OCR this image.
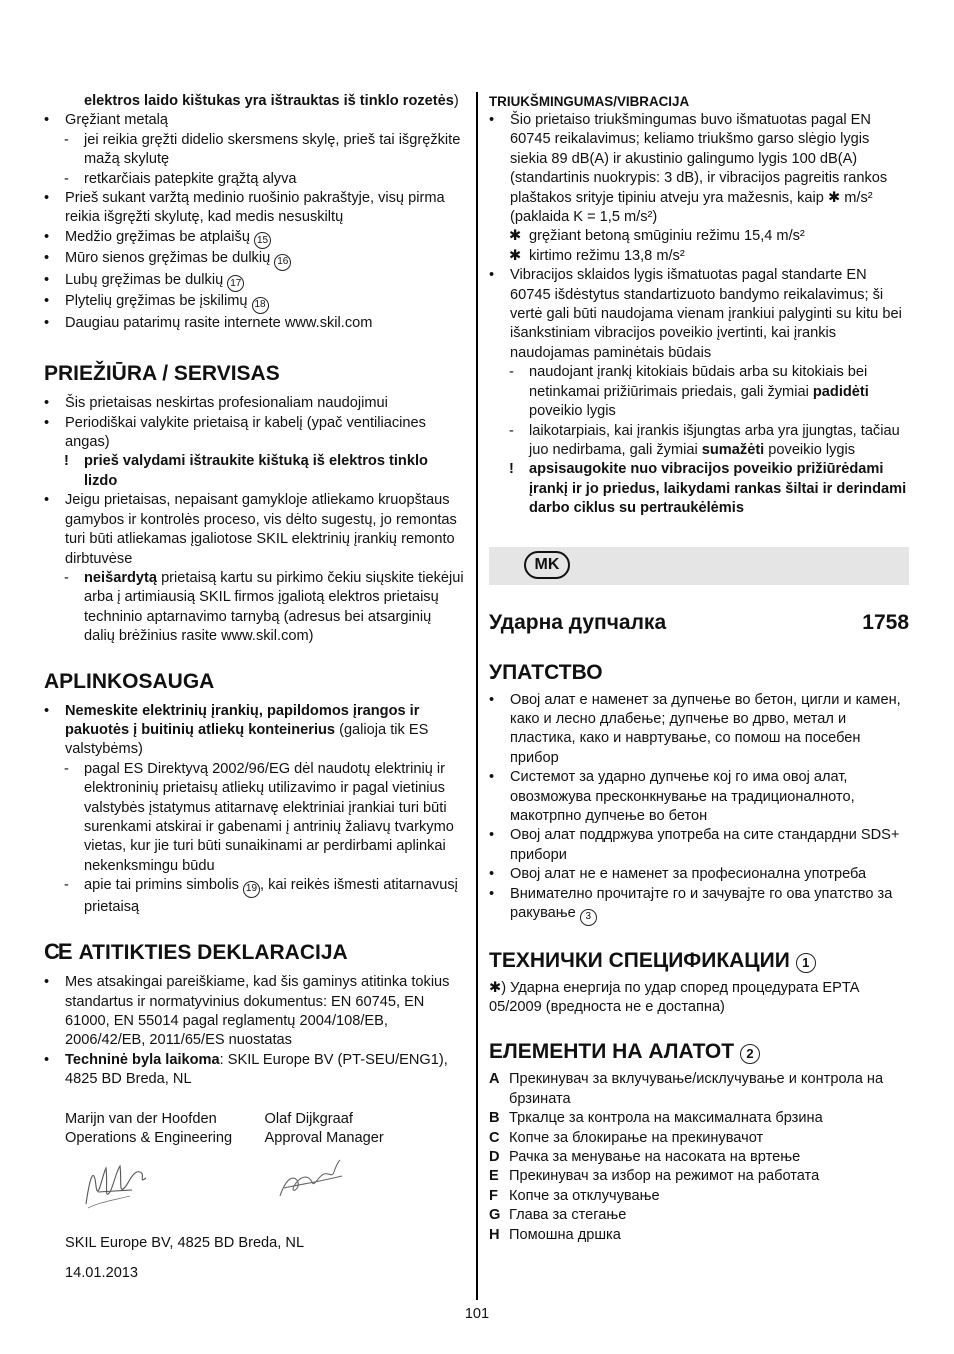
elektros laido kištukas yra ištrauktas iš tinklo rozetės)
• Gręžiant metalą
- jei reikia gręžti didelio skersmens skylę, prieš tai išgręžkite mažą skylutę
- retkarčiais patepkite grąžtą alyva
• Prieš sukant varžtą medinio ruošinio pakraštyje, visų pirma reikia išgręžti skylutę, kad medis nesuskiltų
• Medžio gręžimas be atplaišų 15
• Mūro sienos gręžimas be dulkių 16
• Lubų gręžimas be dulkių 17
• Plytelių gręžimas be įskilimų 18
• Daugiau patarimų rasite internete www.skil.com
PRIEŽIŪRA / SERVISAS
• Šis prietaisas neskirtas profesionaliam naudojimui
• Periodiškai valykite prietaisą ir kabelį (ypač ventiliacines angas)
! prieš valydami ištraukite kištuką iš elektros tinklo lizdo
• Jeigu prietaisas, nepaisant gamykloje atliekamo kruopštaus gamybos ir kontrolės proceso, vis dėlto sugestų, jo remontas turi būti atliekamas įgaliotose SKIL elektrinių įrankių remonto dirbtuvėse
- neišardytą prietaisą kartu su pirkimo čekiu siųskite tiekėjui arba į artimiausią SKIL firmos įgaliotą elektros prietaisų techninio aptarnavimo tarnybą (adresus bei atsarginių dalių brėžinius rasite www.skil.com)
APLINKOSAUGA
• Nemeskite elektrinių įrankių, papildomos įrangos ir pakuotės į buitinių atliekų konteinerius (galioja tik ES valstybėms)
- pagal ES Direktyvą 2002/96/EG dėl naudotų elektrinių ir elektroninių prietaisų atliekų utilizavimo ir pagal vietinius valstybės įstatymus atitarnavę elektriniai įrankiai turi būti surenkami atskirai ir gabenami į antrinių žaliavų tvarkymo vietas, kur jie turi būti sunaikinami ar perdirbami aplinkai nekenksmingu būdu
- apie tai primins simbolis 19 , kai reikės išmesti atitarnavusį prietaisą
CE ATITIKTIES DEKLARACIJA
• Mes atsakingai pareiškiame, kad šis gaminys atitinka tokius standartus ir normatyvinius dokumentus: EN 60745, EN 61000, EN 55014 pagal reglamentų 2004/108/EB, 2006/42/EB, 2011/65/ES nuostatas
• Techninė byla laikoma: SKIL Europe BV (PT-SEU/ENG1), 4825 BD Breda, NL
Marijn van der Hoofden
Operations & Engineering
Olaf Dijkgraaf
Approval Manager
SKIL Europe BV, 4825 BD Breda, NL
14.01.2013
TRIUKŠMINGUMAS/VIBRACIJA
• Šio prietaiso triukšmingumas buvo išmatuotas pagal EN 60745 reikalavimus; keliamo triukšmo garso slėgio lygis siekia 89 dB(A) ir akustinio galingumo lygis 100 dB(A) (standartinis nuokrypis: 3 dB), ir vibracijos pagreitis rankos plaštakos srityje tipiniu atveju yra mažesnis, kaip ✱ m/s² (paklaida K = 1,5 m/s²)
✱ gręžiant betoną smūginiu režimu 15,4 m/s²
✱ kirtimo režimu 13,8 m/s²
• Vibracijos sklaidos lygis išmatuotas pagal standarte EN 60745 išdėstytus standartizuoto bandymo reikalavimus; ši vertė gali būti naudojama vienam įrankiui palyginti su kitu bei išankstiniam vibracijos poveikio įvertinti, kai įrankis naudojamas paminėtais būdais
- naudojant įrankį kitokiais būdais arba su kitokiais bei netinkamai prižiūrimais priedais, gali žymiai padidėti poveikio lygis
- laikotarpiais, kai įrankis išjungtas arba yra įjungtas, tačiau juo nedirbama, gali žymiai sumažėti poveikio lygis
! apsisaugokite nuo vibracijos poveikio prižiūrėdami įrankį ir jo priedus, laikydami rankas šiltai ir derindami darbo ciklus su pertraukėlėmis
MK
Ударна дупчалка	1758
УПАТСТВО
• Овој алат е наменет за дупчење во бетон, цигли и камен, како и лесно длабење; дупчење во дрво, метал и пластика, како и навртување, со помош на посебен прибор
• Системот за ударно дупчење кој го има овој алат, овозможува пресконкнување на традиционалното, макотрпно дупчење во бетон
• Овој алат поддржува употреба на сите стандардни SDS+ прибори
• Овој алат не е наменет за професионална употреба
• Внимателно прочитајте го и зачувајте го ова упатство за ракување 3
ТЕХНИЧКИ СПЕЦИФИКАЦИИ 1
✱) Ударна енергија по удар според процедурата EPTA 05/2009 (вредноста не е достапна)
ЕЛЕМЕНТИ НА АЛАТОТ 2
A Прекинувач за вклучување/исклучување и контрола на брзината
B Тркалце за контрола на максималната брзина
C Копче за блокирање на прекинувачот
D Рачка за менување на насоката на вртење
E Прекинувач за избор на режимот на работата
F Копче за отклучување
G Глава за стегање
H Помошна дршка
101
